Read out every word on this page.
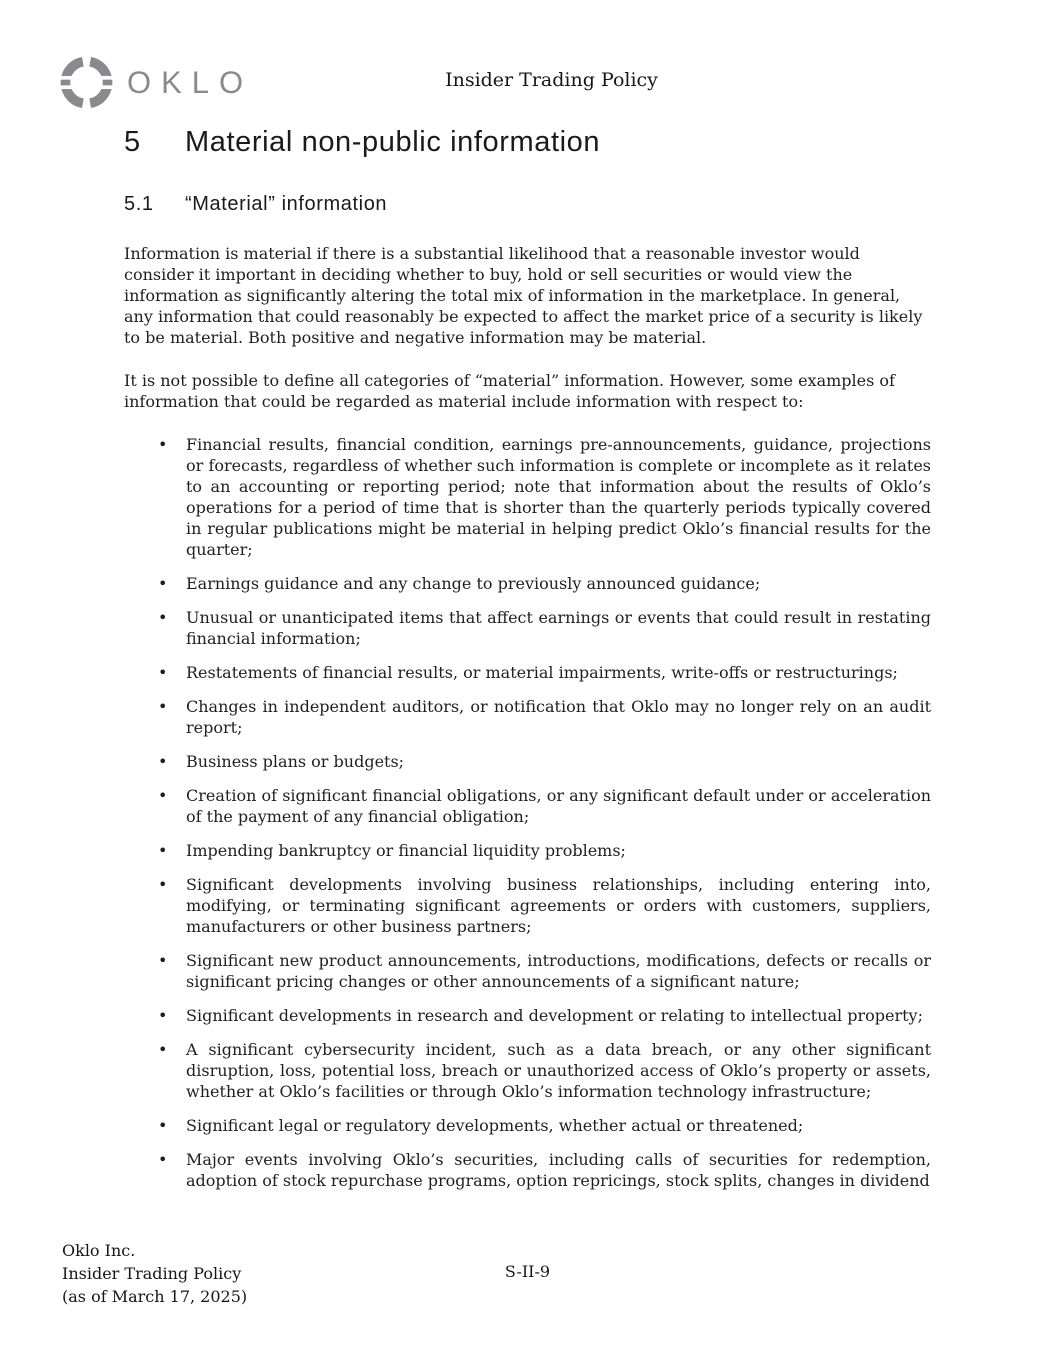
OKLO	Insider Trading Policy
5	Material non-public information
5.1	“Material” information

Information is material if there is a substantial likelihood that a reasonable investor would consider it important in deciding whether to buy, hold or sell securities or would view the information as significantly altering the total mix of information in the marketplace. In general, any information that could reasonably be expected to affect the market price of a security is likely to be material. Both positive and negative information may be material.

It is not possible to define all categories of “material” information. However, some examples of information that could be regarded as material include information with respect to:

•	Financial results, financial condition, earnings pre-announcements, guidance, projections or forecasts, regardless of whether such information is complete or incomplete as it relates to an accounting or reporting period; note that information about the results of Oklo’s operations for a period of time that is shorter than the quarterly periods typically covered in regular publications might be material in helping predict Oklo’s financial results for the quarter;
•	Earnings guidance and any change to previously announced guidance;
•	Unusual or unanticipated items that affect earnings or events that could result in restating financial information;
•	Restatements of financial results, or material impairments, write-offs or restructurings;
•	Changes in independent auditors, or notification that Oklo may no longer rely on an audit report;
•	Business plans or budgets;
•	Creation of significant financial obligations, or any significant default under or acceleration of the payment of any financial obligation;
•	Impending bankruptcy or financial liquidity problems;
•	Significant developments involving business relationships, including entering into, modifying, or terminating significant agreements or orders with customers, suppliers, manufacturers or other business partners;
•	Significant new product announcements, introductions, modifications, defects or recalls or significant pricing changes or other announcements of a significant nature;
•	Significant developments in research and development or relating to intellectual property;
•	A significant cybersecurity incident, such as a data breach, or any other significant disruption, loss, potential loss, breach or unauthorized access of Oklo’s property or assets, whether at Oklo’s facilities or through Oklo’s information technology infrastructure;
•	Significant legal or regulatory developments, whether actual or threatened;
•	Major events involving Oklo’s securities, including calls of securities for redemption, adoption of stock repurchase programs, option repricings, stock splits, changes in dividend
Oklo Inc.
Insider Trading Policy
(as of March 17, 2025)
S-II-9
